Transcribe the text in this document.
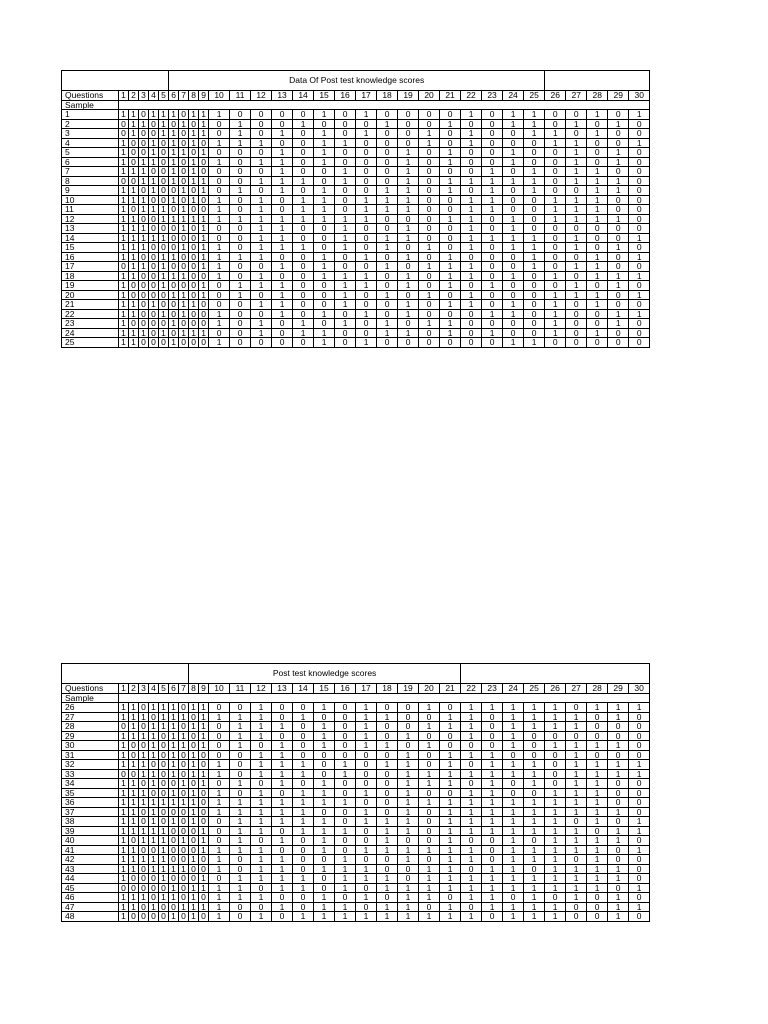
						Data Of Post test knowledge scores																								
Questions	1	2	3	4	5	6	7	8	9	10	11	12	13	14	15	16	17	18	19	20	21	22	23	24	25	26	27	28	29	30
Sample																														
1	1	1	0	1	1	1	0	1	1	1	0	0	0	0	1	0	1	0	0	0	0	1	0	1	1	0	0	1	0	1
2	0	1	1	0	1	0	1	0	1	0	1	0	0	1	0	0	0	1	0	0	1	0	0	1	1	0	1	0	1	0
3	0	1	0	0	1	1	0	1	1	0	1	0	1	0	1	0	1	0	0	1	0	1	0	0	1	1	0	1	0	0
4	1	0	0	1	0	1	0	1	0	1	1	1	0	0	1	1	0	0	0	1	0	1	0	0	0	1	1	0	0	1
5	1	0	0	1	0	1	1	0	1	0	0	0	1	0	1	0	0	0	1	0	1	0	0	1	0	0	1	0	1	0
6	1	0	1	1	0	1	0	1	0	1	0	1	1	0	1	0	0	0	1	0	1	0	0	1	0	0	1	0	1	0
7	1	1	1	0	0	1	0	1	0	0	0	0	1	0	0	1	0	0	1	0	0	0	1	0	1	0	1	1	0	0
8	0	0	1	1	0	1	0	1	1	0	0	1	1	1	0	1	0	0	1	0	1	1	1	1	1	0	1	1	1	0
9	1	1	0	1	0	0	1	0	1	0	1	0	1	0	1	0	0	1	1	0	1	0	1	0	1	0	0	1	1	0
10	1	1	1	0	0	1	0	1	0	1	0	1	0	1	1	0	1	1	1	0	0	1	1	0	0	1	1	1	0	0
11	1	0	1	1	1	0	1	0	0	1	0	1	0	1	1	0	1	1	1	0	0	1	1	0	0	1	1	1	0	0
12	1	1	0	0	1	1	1	1	1	1	1	1	1	1	1	1	1	0	0	0	1	1	0	1	0	1	1	1	1	0
13	1	1	1	0	0	0	1	0	1	0	0	1	1	0	0	1	0	0	1	0	0	1	0	1	0	0	0	0	0	0
14	1	1	1	1	1	0	0	0	1	0	0	1	1	0	0	1	0	1	1	0	0	1	1	1	1	0	1	0	0	1
15	1	1	1	0	0	0	1	0	1	1	0	1	1	1	0	1	0	1	0	1	0	1	0	1	1	0	1	0	1	0
16	1	1	0	0	1	1	0	0	1	1	1	1	0	0	1	0	1	0	1	0	1	0	0	0	1	0	0	1	0	1
17	0	1	1	0	1	0	0	0	1	1	0	0	1	0	1	0	0	1	0	1	1	1	0	0	1	0	1	1	0	0
18	1	1	0	0	1	1	1	0	0	1	0	1	0	0	1	1	1	0	1	0	1	1	0	1	0	1	0	1	1	1
19	1	0	0	0	1	0	0	0	1	0	1	1	1	0	0	1	1	0	1	0	1	0	1	0	0	0	1	0	1	0
20	1	0	0	0	0	1	1	0	1	0	1	0	1	0	0	1	0	1	0	1	0	1	0	0	0	1	1	1	0	1
21	1	1	0	1	0	0	1	1	0	0	0	1	1	0	0	1	0	0	1	0	1	1	0	1	0	1	0	1	0	0
22	1	1	0	0	1	0	1	0	0	1	0	0	1	0	1	0	1	0	1	0	0	0	1	1	0	1	0	0	1	1
23	1	0	0	0	0	1	0	0	0	1	0	1	0	1	0	1	0	1	0	1	1	0	0	0	0	1	0	0	1	0
24	1	1	1	0	1	0	1	1	1	0	0	1	0	1	1	0	0	1	1	0	1	0	1	0	0	1	0	1	0	0
25	1	1	0	0	0	1	0	0	0	1	0	0	0	0	1	0	1	0	0	0	0	0	0	1	1	0	0	0	0	0
								Post test knowledge scores																						
Questions	1	2	3	4	5	6	7	8	9	10	11	12	13	14	15	16	17	18	19	20	21	22	23	24	25	26	27	28	29	30
Sample																														
26	1	1	0	1	1	1	0	1	1	0	0	1	0	0	1	0	1	0	0	1	0	1	1	1	1	1	0	1	1	1
27	1	1	1	0	1	1	1	0	1	1	1	1	0	1	0	0	1	1	0	0	1	1	0	1	1	1	1	0	1	0
28	0	1	0	1	1	1	0	1	1	0	1	1	1	0	1	0	1	0	0	1	1	1	0	1	1	1	1	0	0	0
29	1	1	1	1	0	1	1	0	1	0	1	1	0	0	1	0	1	0	1	0	0	1	0	1	0	0	0	0	0	0
30	1	0	0	1	0	1	1	0	1	0	1	0	1	0	1	0	1	1	0	1	0	0	0	1	0	1	1	1	1	0
31	1	0	1	1	0	1	0	1	0	0	0	1	1	0	0	0	0	0	1	0	1	1	1	0	0	0	1	0	0	0
32	1	1	1	0	0	1	0	1	0	1	0	1	1	1	0	1	0	1	1	0	1	0	1	1	1	0	1	1	1	1
33	0	0	1	1	0	1	0	1	1	1	0	1	1	1	0	1	0	0	1	1	1	1	1	1	1	0	1	1	1	1
34	1	1	0	1	0	0	1	0	1	0	1	0	1	0	1	0	0	0	1	1	1	0	1	0	1	0	1	1	0	0
35	1	1	1	0	0	1	0	1	0	1	0	1	0	1	1	0	1	0	1	0	0	1	1	0	0	1	1	1	0	0
36	1	1	1	1	1	1	1	1	0	1	1	1	1	1	1	1	0	0	1	1	1	1	1	1	1	1	1	1	0	0
37	1	1	0	1	0	0	0	1	0	1	1	1	1	1	0	0	1	0	1	0	1	1	1	1	1	1	1	1	1	0
38	1	1	0	1	0	1	0	1	0	0	1	1	1	1	1	0	1	1	1	0	1	1	1	1	1	1	0	1	0	1
39	1	1	1	1	1	0	0	0	1	0	1	1	0	1	1	1	0	1	1	0	1	1	1	1	1	1	1	0	1	1
40	1	0	1	1	1	0	1	0	1	0	1	0	1	0	1	0	0	1	0	0	1	0	0	1	0	1	1	1	1	0
41	1	1	0	0	1	0	0	0	1	1	1	1	0	0	1	0	1	1	1	1	1	1	0	1	1	1	1	1	0	1
42	1	1	1	1	1	0	0	1	0	1	0	1	1	0	0	1	0	0	1	0	1	1	0	1	1	1	0	1	0	0
43	1	1	0	1	1	1	1	0	0	1	0	1	1	0	1	1	1	0	0	1	1	0	1	1	0	1	1	1	1	0
44	1	0	0	0	1	0	0	0	1	0	1	1	1	1	0	1	1	1	0	1	1	1	1	1	1	1	1	1	1	0
45	0	0	0	0	0	1	0	1	1	1	1	0	1	1	0	1	0	1	1	1	1	1	1	1	1	1	1	1	0	1
46	1	1	1	0	1	1	0	1	0	1	1	1	0	0	1	0	1	0	1	1	0	1	1	0	1	0	1	0	1	0
47	1	1	0	1	0	0	1	1	1	1	0	0	1	0	1	1	0	1	1	0	1	0	1	1	1	1	0	0	1	1
48	1	0	0	0	0	1	0	1	0	1	0	1	0	1	1	1	1	1	1	1	1	1	0	1	1	1	0	0	1	0
